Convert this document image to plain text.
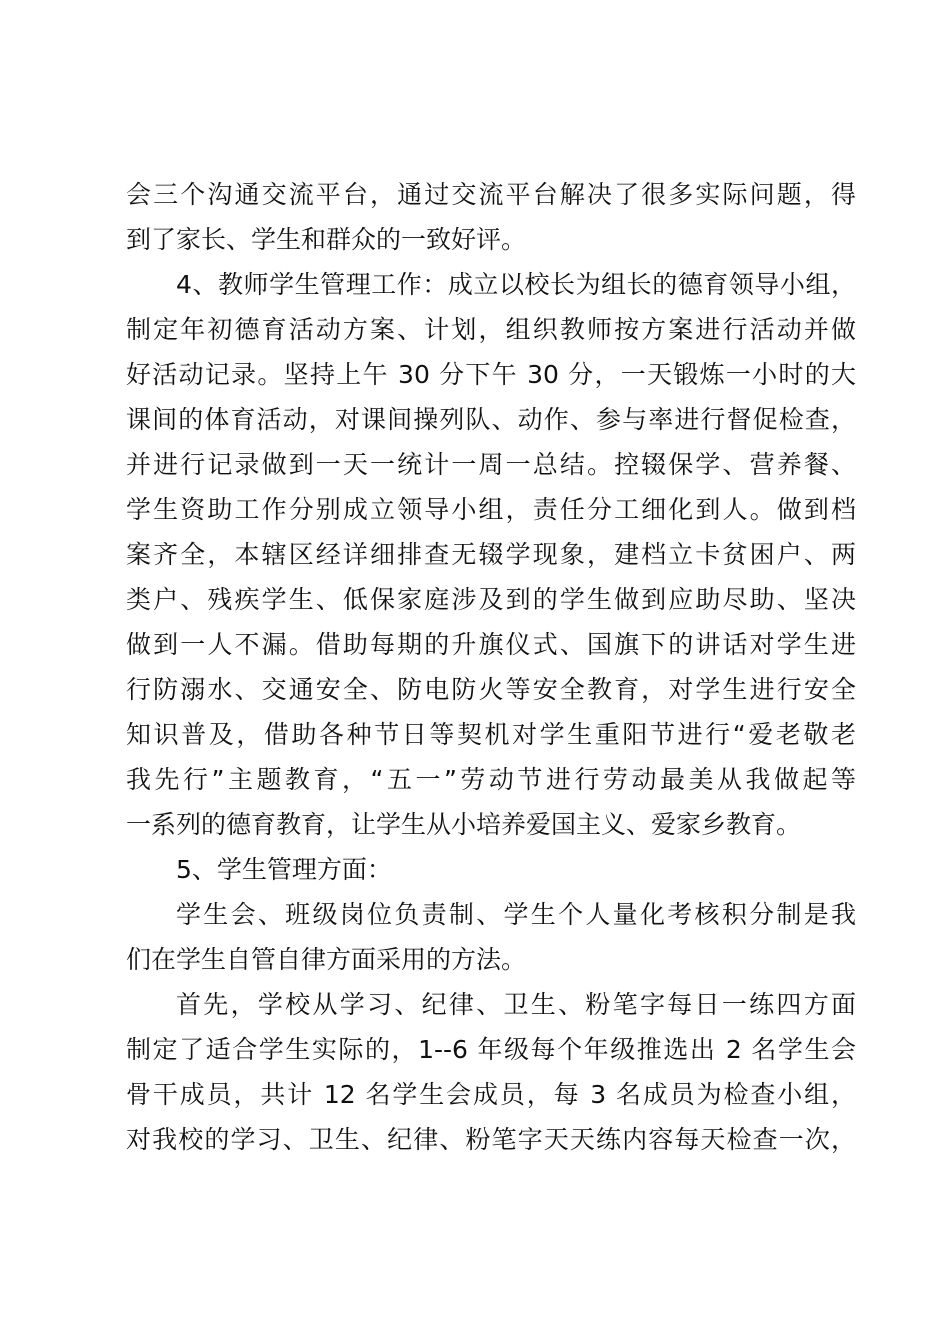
会三个沟通交流平台，通过交流平台解决了很多实际问题，得
到了家长、学生和群众的一致好评。
4、教师学生管理工作：成立以校长为组长的德育领导小组，
制定年初德育活动方案、计划，组织教师按方案进行活动并做
好活动记录。坚持上午 30 分下午 30 分，一天锻炼一小时的大
课间的体育活动，对课间操列队、动作、参与率进行督促检查，
并进行记录做到一天一统计一周一总结。控辍保学、营养餐、
学生资助工作分别成立领导小组，责任分工细化到人。做到档
案齐全，本辖区经详细排查无辍学现象，建档立卡贫困户、两
类户、残疾学生、低保家庭涉及到的学生做到应助尽助、坚决
做到一人不漏。借助每期的升旗仪式、国旗下的讲话对学生进
行防溺水、交通安全、防电防火等安全教育，对学生进行安全
知识普及，借助各种节日等契机对学生重阳节进行“爱老敬老
我先行”主题教育，“五一”劳动节进行劳动最美从我做起等
一系列的德育教育，让学生从小培养爱国主义、爱家乡教育。
5、学生管理方面：
学生会、班级岗位负责制、学生个人量化考核积分制是我
们在学生自管自律方面采用的方法。
首先，学校从学习、纪律、卫生、粉笔字每日一练四方面
制定了适合学生实际的，1--6 年级每个年级推选出 2 名学生会
骨干成员，共计 12 名学生会成员，每 3 名成员为检查小组，
对我校的学习、卫生、纪律、粉笔字天天练内容每天检查一次，
